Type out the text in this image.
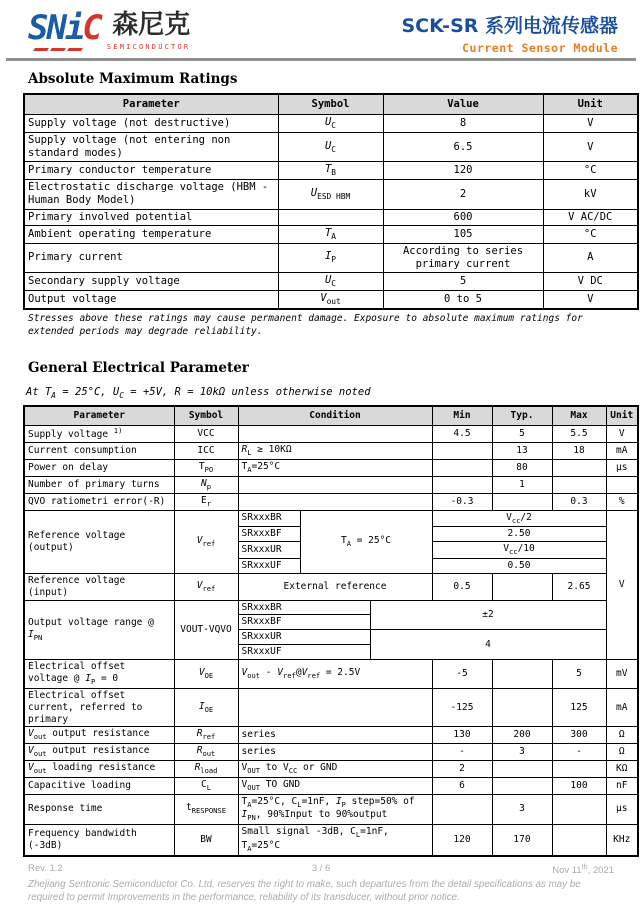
SNiC 森尼克
SEMICONDUCTOR
SCK-SR 系列电流传感器
Current Sensor Module
Absolute Maximum Ratings
Parameter	Symbol	Value	Unit
Supply voltage (not destructive)	$U_C$	8	V
Supply voltage (not entering non standard modes)	$U_C$	6.5	V
Primary conductor temperature	$T_B$	120	°C
Electrostatic discharge voltage (HBM - Human Body Model)	$U_{ESD HBM}$	2	kV
Primary involved potential		600	V AC/DC
Ambient operating temperature	$T_A$	105	°C
Primary current	$I_P$	According to series primary current	A
Secondary supply voltage	$U_C$	5	V DC
Output voltage	$V_{out}$	0 to 5	V
Stresses above these ratings may cause permanent damage. Exposure to absolute maximum ratings for extended periods may degrade reliability.
General Electrical Parameter
At $T_A = 25^\circ C$, $U_C = +5V$, R = 10kΩ unless otherwise noted
Parameter	Symbol	Condition			Min	Typ.	Max	Unit
Supply voltage $^{1)}$	VCC				4.5	5	5.5	V
Current consumption	ICC	$R_L \ge 10K\Omega$				13	18	mA
Power on delay	$T_{PO}$	$T_A=25^\circ C$				80		μs
Number of primary turns	$N_p$					1		
QVO ratiometri error(-R)	$E_r$				-0.3		0.3	%
Reference voltage (output)	$V_{ref}$	SRxxxBR	$T_A = 25^\circ C$		$V_{cc}/2$			V
		SRxxxBF			2.50			
		SRxxxUR			$V_{cc}/10$			
		SRxxxUF			0.50			
Reference voltage (input)	$V_{ref}$	External reference			0.5		2.65	
Output voltage range @ $I_{PN}$	VOUT-VQVO	SRxxxBR		±2				
		SRxxxBF						
		SRxxxUR		4				
		SRxxxUF						
Electrical offset voltage @ $I_P = 0$	$V_{OE}$	$V_{out}$ - $V_{ref}@V_{ref} = 2.5V$			-5		5	mV
Electrical offset current, referred to primary	$I_{OE}$				-125		125	mA
$V_{out}$ output resistance	$R_{ref}$	series			130	200	300	Ω
$V_{out}$ output resistance	$R_{out}$	series			-	3	-	Ω
$V_{out}$ loading resistance	$R_{load}$	$V_{OUT}$ to $V_{CC}$ or GND			2			KΩ
Capacitive loading	$C_L$	$V_{OUT}$ TO GND			6		100	nF
Response time	$t_{RESPONSE}$	$T_A=25^\circ C$, $C_L=1nF$, $I_P$ step=50% of $I_{PN}$, 90%Input to 90%output				3		μs
Frequency bandwidth (-3dB)	BW	Small signal -3dB, $C_L=1nF$, $T_A=25^\circ C$			120	170		KHz
Rev. 1.2	3 / 6	Nov 11th, 2021
Zhejiang Sentronic Semiconductor Co. Ltd. reserves the right to make, such departures from the detail specifications as may be required to permit Improvements in the performance, reliability of its transducer, without prior notice.
